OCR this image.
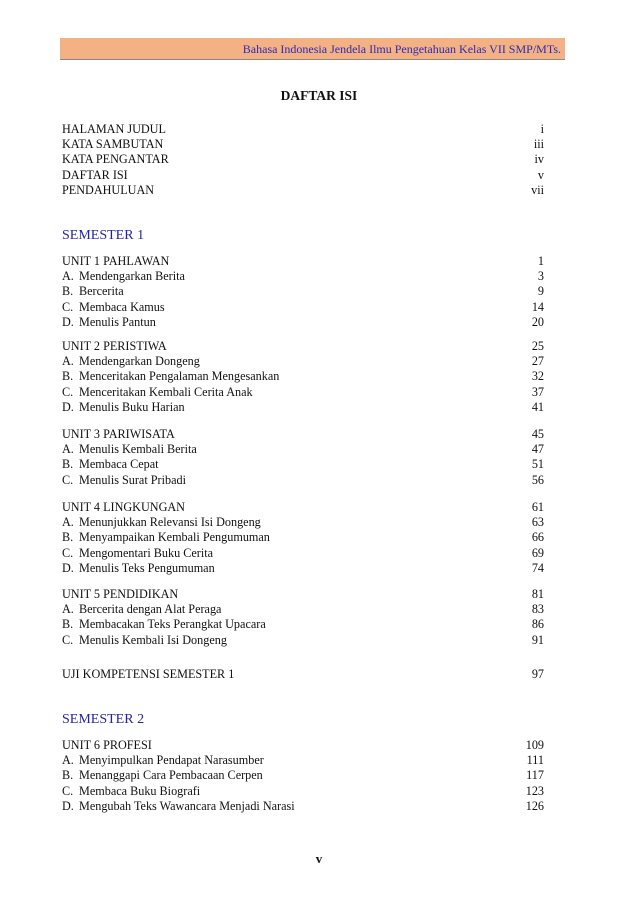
Bahasa Indonesia Jendela Ilmu Pengetahuan Kelas VII SMP/MTs.
DAFTAR ISI
HALAMAN JUDUL	i
KATA SAMBUTAN	iii
KATA PENGANTAR	iv
DAFTAR ISI	v
PENDAHULUAN	vii
SEMESTER 1
UNIT 1 PAHLAWAN	1
A. Mendengarkan Berita	3
B. Bercerita	9
C. Membaca Kamus	14
D. Menulis Pantun	20
UNIT 2 PERISTIWA	25
A. Mendengarkan Dongeng	27
B. Menceritakan Pengalaman Mengesankan	32
C. Menceritakan Kembali Cerita Anak	37
D. Menulis Buku Harian	41
UNIT 3 PARIWISATA	45
A. Menulis Kembali Berita	47
B. Membaca Cepat	51
C. Menulis Surat Pribadi	56
UNIT 4 LINGKUNGAN	61
A. Menunjukkan Relevansi Isi Dongeng	63
B. Menyampaikan Kembali Pengumuman	66
C. Mengomentari Buku Cerita	69
D. Menulis Teks Pengumuman	74
UNIT 5 PENDIDIKAN	81
A. Bercerita dengan Alat Peraga	83
B. Membacakan Teks Perangkat Upacara	86
C. Menulis Kembali Isi Dongeng	91
UJI KOMPETENSI SEMESTER 1	97
SEMESTER 2
UNIT 6 PROFESI	109
A. Menyimpulkan Pendapat Narasumber	111
B. Menanggapi Cara Pembacaan Cerpen	117
C. Membaca Buku Biografi	123
D. Mengubah Teks Wawancara Menjadi Narasi	126
v
